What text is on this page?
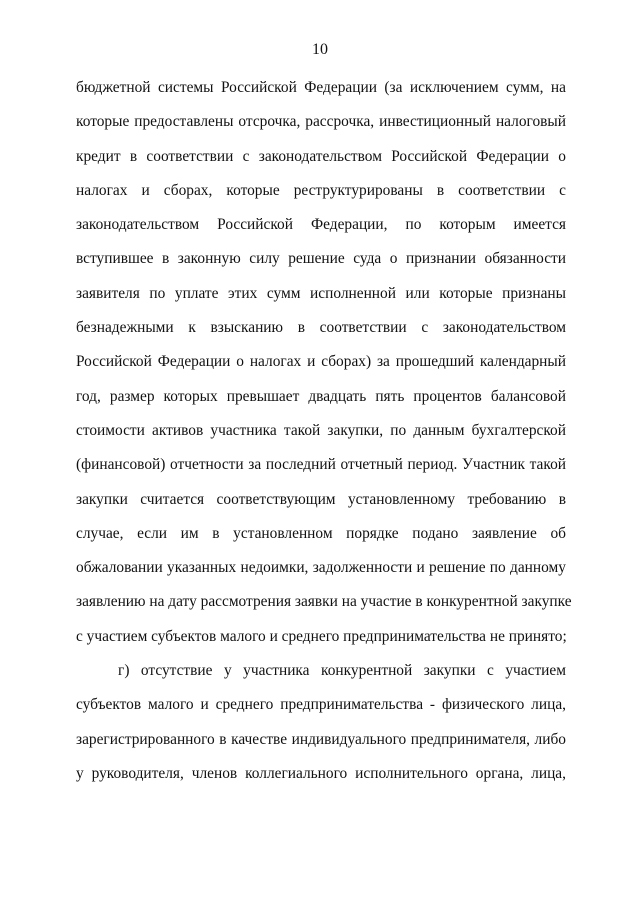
10
бюджетной системы Российской Федерации (за исключением сумм, на
которые предоставлены отсрочка, рассрочка, инвестиционный налоговый
кредит в соответствии с законодательством Российской Федерации о
налогах и сборах, которые реструктурированы в соответствии с
законодательством Российской Федерации, по которым имеется
вступившее в законную силу решение суда о признании обязанности
заявителя по уплате этих сумм исполненной или которые признаны
безнадежными к взысканию в соответствии с законодательством
Российской Федерации о налогах и сборах) за прошедший календарный
год, размер которых превышает двадцать пять процентов балансовой
стоимости активов участника такой закупки, по данным бухгалтерской
(финансовой) отчетности за последний отчетный период. Участник такой
закупки считается соответствующим установленному требованию в
случае, если им в установленном порядке подано заявление об
обжаловании указанных недоимки, задолженности и решение по данному
заявлению на дату рассмотрения заявки на участие в конкурентной закупке
с участием субъектов малого и среднего предпринимательства не принято;
г) отсутствие у участника конкурентной закупки с участием
субъектов малого и среднего предпринимательства - физического лица,
зарегистрированного в качестве индивидуального предпринимателя, либо
у руководителя, членов коллегиального исполнительного органа, лица,
